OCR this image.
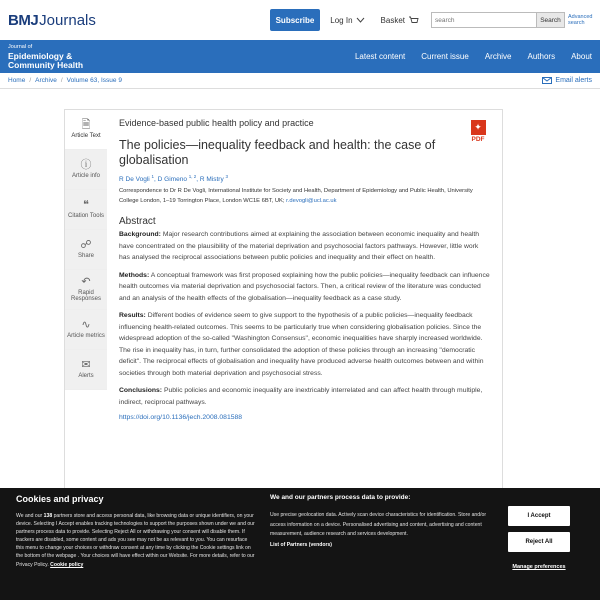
BMJ Journals	Subscribe	Log In	Basket
search	Search	Advanced search
Journal of
Epidemiology &
Community Health
Latest content Current issue Archive Authors About
Home / Archive / Volume 63, Issue 9	Email alerts
🗎
Article Text
ⓘ
Article info
❝
Citation Tools
☍
Share
↶
Rapid Responses
∿
Article metrics
✉
Alerts
✦
PDF
Evidence-based public health policy and practice
The policies—inequality feedback and health: the case of globalisation
R De Vogli $^1$, D Gimeno $^{1, 2}$, R Mistry $^3$
Correspondence to Dr R De Vogli, International Institute for Society and Health, Department of Epidemiology and Public Health, University College London, 1–19 Torrington Place, London WC1E 6BT, UK; r.devogli@ucl.ac.uk
Abstract

Background: Major research contributions aimed at explaining the association between economic inequality and health have concentrated on the plausibility of the material deprivation and psychosocial factors pathways. However, little work has analysed the reciprocal associations between public policies and inequality and their effect on health.

Methods: A conceptual framework was first proposed explaining how the public policies—inequality feedback can influence health outcomes via material deprivation and psychosocial factors. Then, a critical review of the literature was conducted and an analysis of the health effects of the globalisation—inequality feedback as a case study.

Results: Different bodies of evidence seem to give support to the hypothesis of a public policies—inequality feedback influencing health-related outcomes. This seems to be particularly true when considering globalisation policies. Since the widespread adoption of the so-called "Washington Consensus", economic inequalities have sharply increased worldwide. The rise in inequality has, in turn, further consolidated the adoption of these policies through an increasing "democratic deficit". The reciprocal effects of globalisation and inequality have produced adverse health outcomes between and within societies through both material deprivation and psychosocial stress.

Conclusions: Public policies and economic inequality are inextricably interrelated and can affect health through multiple, indirect, reciprocal pathways.

https://doi.org/10.1136/jech.2008.081588
Cookies and privacy
We and our 138 partners store and access personal data, like browsing data or unique identifiers, on your device. Selecting I Accept enables tracking technologies to support the purposes shown under we and our partners process data to provide. Selecting Reject All or withdrawing your consent will disable them. If trackers are disabled, some content and ads you see may not be as relevant to you. You can resurface this menu to change your choices or withdraw consent at any time by clicking the Cookie settings link on the bottom of the webpage . Your choices will have effect within our Website. For more details, refer to our Privacy Policy. Cookie policy
We and our partners process data to provide:
Use precise geolocation data. Actively scan device characteristics for identification. Store and/or access information on a device. Personalised advertising and content, advertising and content measurement, audience research and services development.
List of Partners (vendors)
I Accept
Reject All
Manage preferences
